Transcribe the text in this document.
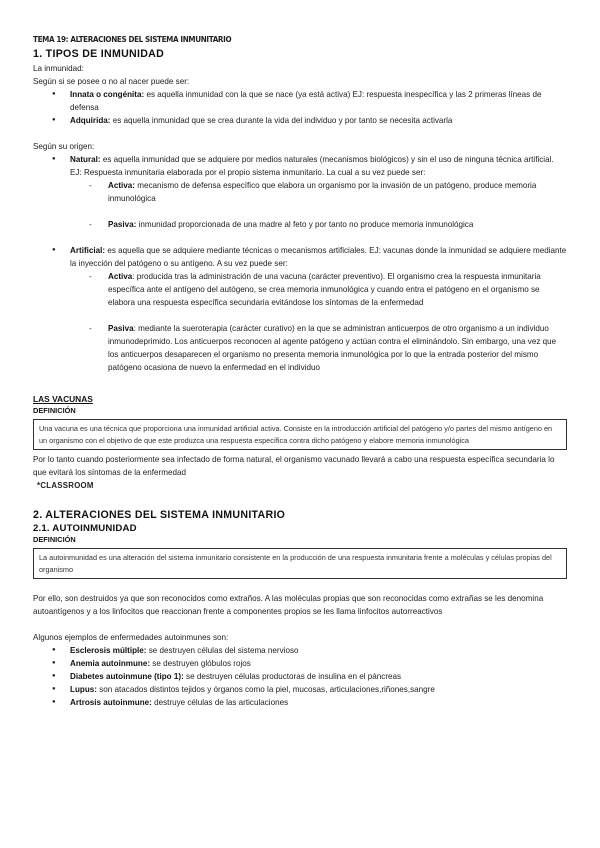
TEMA 19: ALTERACIONES DEL SISTEMA INMUNITARIO
1. TIPOS DE INMUNIDAD

La inmunidad:

Según si se posee o no al nacer puede ser:

● Innata o congénita: es aquella inmunidad con la que se nace (ya está activa) EJ: respuesta inespecífica y las 2 primeras líneas de defensa
● Adquirida: es aquella inmunidad que se crea durante la vida del individuo y por tanto se necesita activarla

Según su origen:

● Natural: es aquella inmunidad que se adquiere por medios naturales (mecanismos biológicos) y sin el uso de ninguna técnica artificial. EJ: Respuesta inmunitaria elaborada por el propio sistema inmunitario. La cual a su vez puede ser:
- Activa: mecanismo de defensa específico que elabora un organismo por la invasión de un patógeno, produce memoria inmunológica
- Pasiva: inmunidad proporcionada de una madre al feto y por tanto no produce memoria inmunológica
● Artificial: es aquella que se adquiere mediante técnicas o mecanismos artificiales. EJ: vacunas donde la inmunidad se adquiere mediante la inyección del patógeno o su antígeno. A su vez puede ser:
- Activa: producida tras la administración de una vacuna (carácter preventivo). El organismo crea la respuesta inmunitaria específica ante el antígeno del autógeno, se crea memoria inmunológica y cuando entra el patógeno en el organismo se elabora una respuesta específica secundaria evitándose los síntomas de la enfermedad
- Pasiva: mediante la sueroterapia (carácter curativo) en la que se administran anticuerpos de otro organismo a un individuo inmunodeprimido. Los anticuerpos reconocen al agente patógeno y actúan contra el eliminándolo. Sin embargo, una vez que los anticuerpos desaparecen el organismo no presenta memoria inmunológica por lo que la entrada posterior del mismo patógeno ocasiona de nuevo la enfermedad en el individuo
LAS VACUNAS
DEFINICIÓN
Una vacuna es una técnica que proporciona una inmunidad artificial activa. Consiste en la introducción artificial del patógeno y/o partes del mismo antígeno en un organismo con el objetivo de que este produzca una respuesta específica contra dicho patógeno y elabore memoria inmunológica

Por lo tanto cuando posteriormente sea infectado de forma natural, el organismo vacunado llevará a cabo una respuesta específica secundaria lo que evitará los síntomas de la enfermedad

*CLASSROOM

2. ALTERACIONES DEL SISTEMA INMUNITARIO
2.1. AUTOINMUNIDAD
DEFINICIÓN
La autoinmunidad es una alteración del sistema inmunitario consistente en la producción de una respuesta inmunitaria frente a moléculas y células propias del organismo

Por ello, son destruidos ya que son reconocidos como extraños. A las moléculas propias que son reconocidas como extrañas se les denomina autoantígenos y a los linfocitos que reaccionan frente a componentes propios se les llama linfocitos autorreactivos

Algunos ejemplos de enfermedades autoinmunes son:

● Esclerosis múltiple: se destruyen células del sistema nervioso
● Anemia autoinmune: se destruyen glóbulos rojos
● Diabetes autoinmune (tipo 1): se destruyen células productoras de insulina en el páncreas
● Lupus: son atacados distintos tejidos y órganos como la piel, mucosas, articulaciones,riñones,sangre
● Artrosis autoinmune: destruye células de las articulaciones
